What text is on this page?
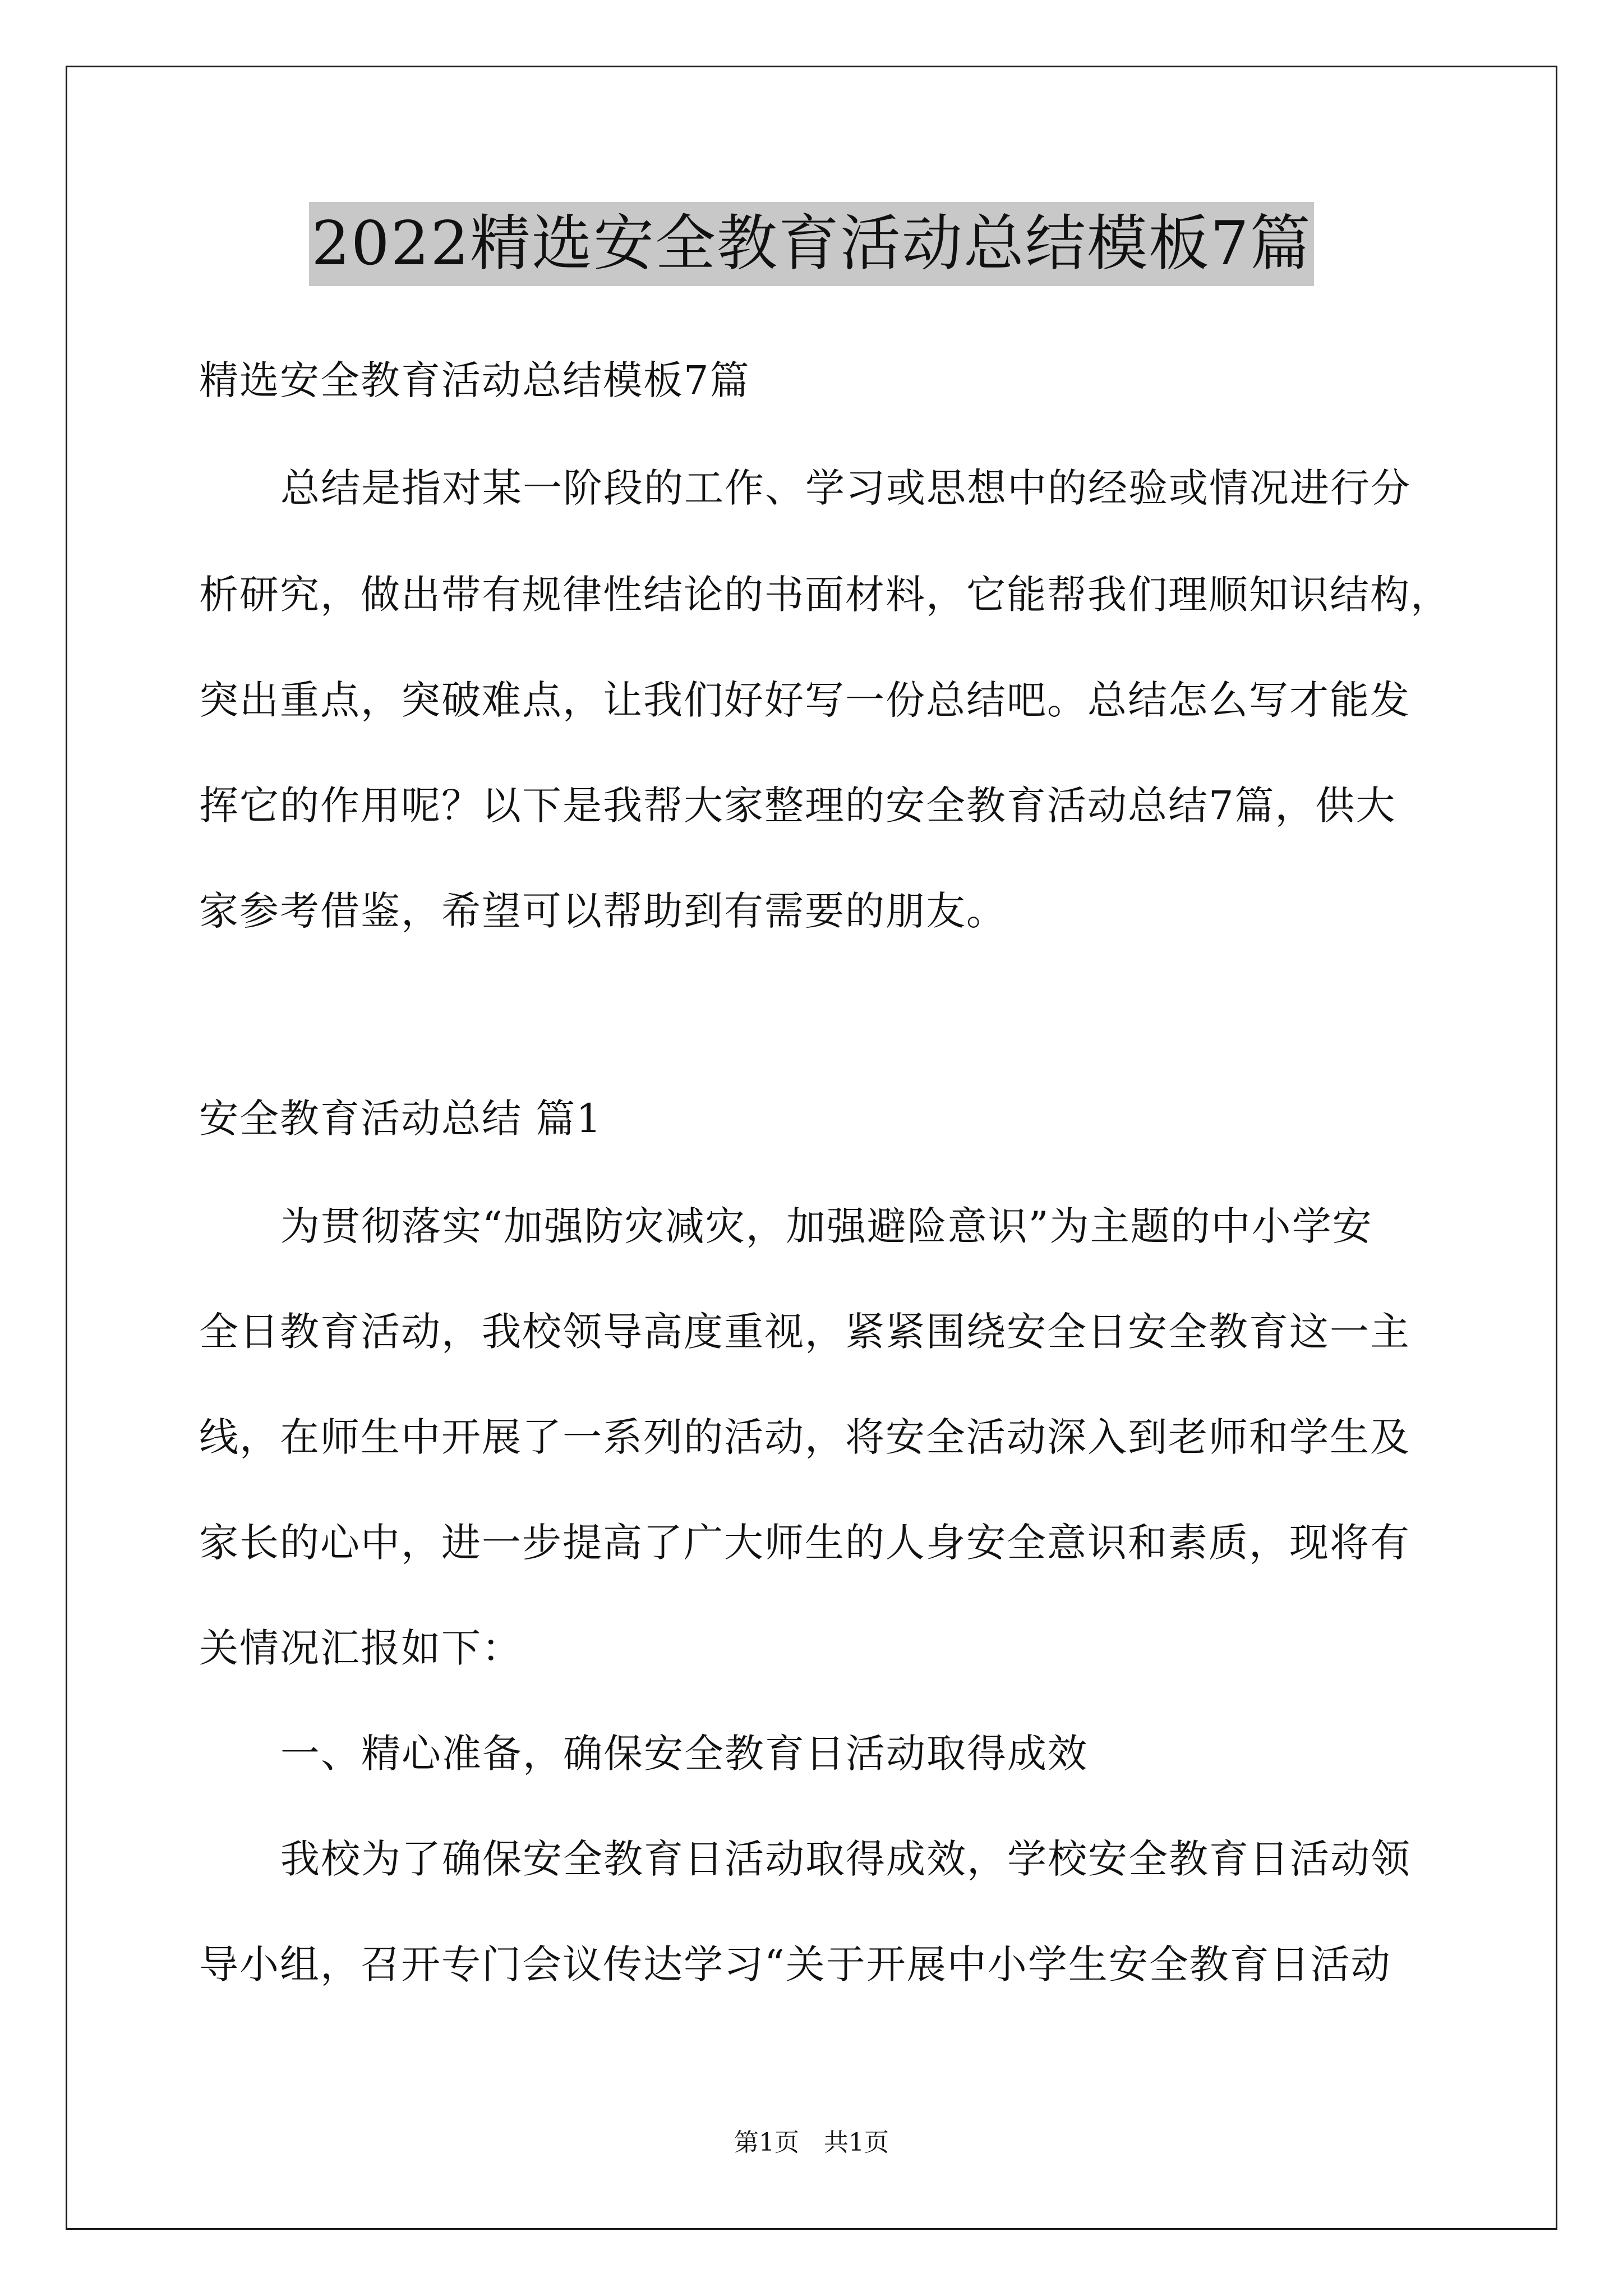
2022精选安全教育活动总结模板7篇
精选安全教育活动总结模板7篇
总结是指对某一阶段的工作、学习或思想中的经验或情况进行分
析研究，做出带有规律性结论的书面材料，它能帮我们理顺知识结构，
突出重点，突破难点，让我们好好写一份总结吧。总结怎么写才能发
挥它的作用呢？以下是我帮大家整理的安全教育活动总结7篇，供大
家参考借鉴，希望可以帮助到有需要的朋友。
安全教育活动总结 篇1
为贯彻落实“加强防灾减灾，加强避险意识”为主题的中小学安
全日教育活动，我校领导高度重视，紧紧围绕安全日安全教育这一主
线，在师生中开展了一系列的活动，将安全活动深入到老师和学生及
家长的心中，进一步提高了广大师生的人身安全意识和素质，现将有
关情况汇报如下：
一、精心准备，确保安全教育日活动取得成效
我校为了确保安全教育日活动取得成效，学校安全教育日活动领
导小组，召开专门会议传达学习“关于开展中小学生安全教育日活动
第1页　共1页
